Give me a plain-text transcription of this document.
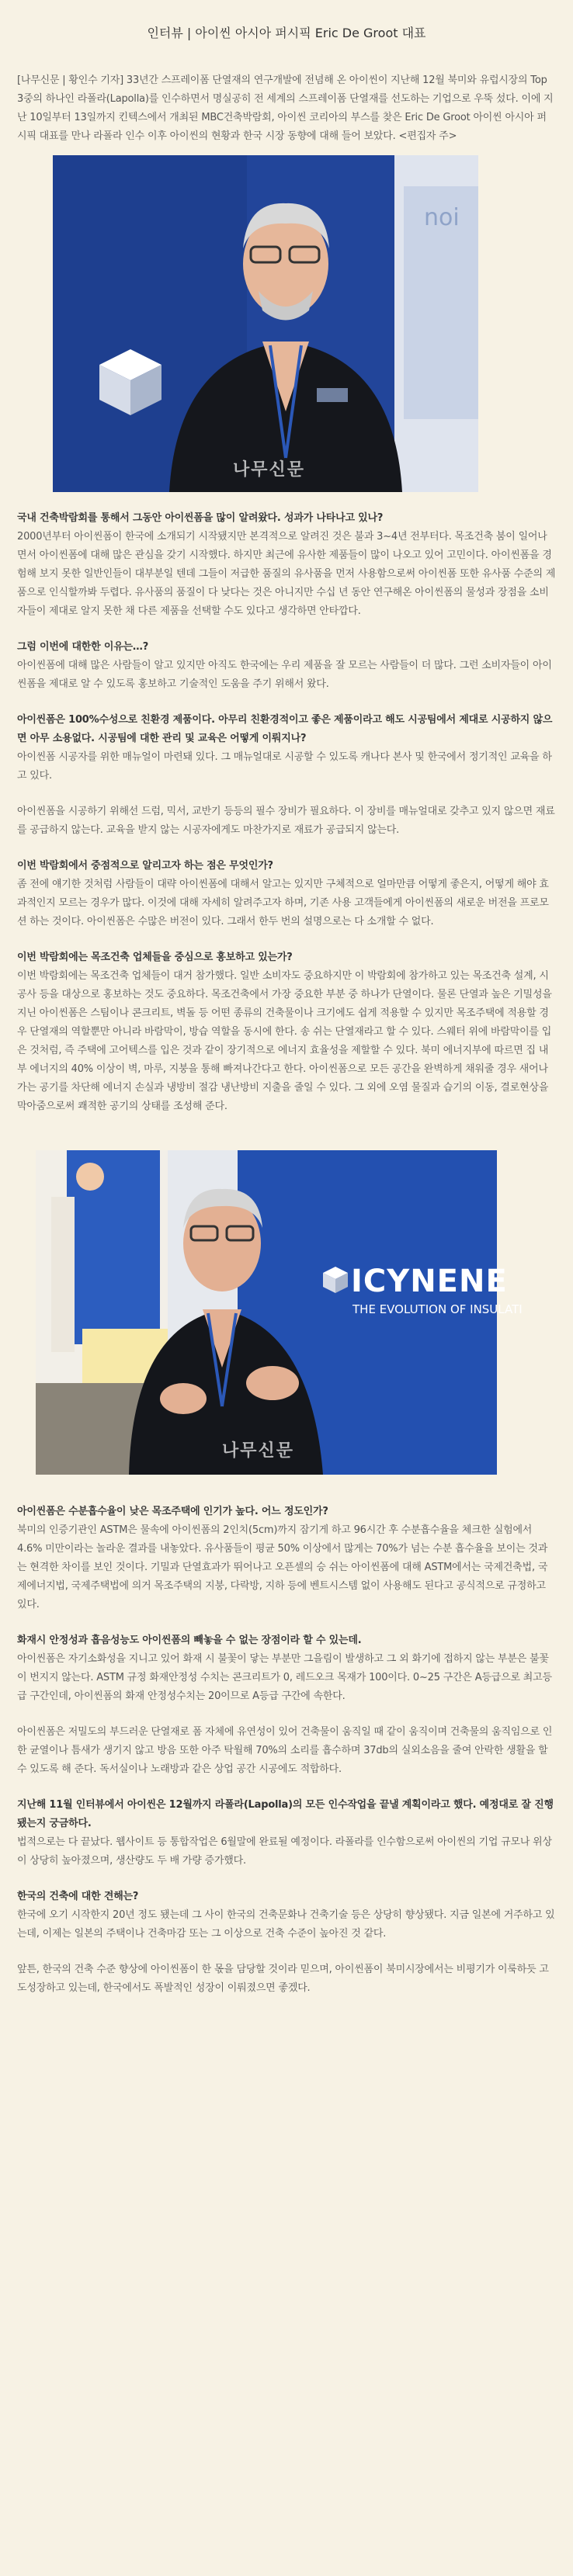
인터뷰 | 아이씬 아시아 퍼시픽 Eric De Groot 대표

[나무신문 | 황인수 기자] 33년간 스프레이폼 단열재의 연구개발에 전념해 온 아이씬이 지난해 12월 북미와 유럽시장의 Top 3중의 하나인 라폴라(Lapolla)를 인수하면서 명실공히 전 세계의 스프레이폼 단열재를 선도하는 기업으로 우뚝 섰다. 이에 지난 10일부터 13일까지 킨텍스에서 개최된 MBC건축박람회, 아이씬 코리아의 부스를 찾은 Eric De Groot 아이씬 아시아 퍼시픽 대표를 만나 라폴라 인수 이후 아이씬의 현황과 한국 시장 동향에 대해 들어 보았다. <편집자 주>

noi
나무신문

국내 건축박람회를 통해서 그동안 아이씬폼을 많이 알려왔다. 성과가 나타나고 있나?

2000년부터 아이씬폼이 한국에 소개되기 시작됐지만 본격적으로 알려진 것은 불과 3~4년 전부터다. 목조건축 붐이 일어나면서 아이씬폼에 대해 많은 관심을 갖기 시작했다. 하지만 최근에 유사한 제품들이 많이 나오고 있어 고민이다. 아이씬폼을 경험해 보지 못한 일반인들이 대부분일 텐데 그들이 저급한 품질의 유사품을 먼저 사용함으로써 아이씬폼 또한 유사품 수준의 제품으로 인식할까봐 두렵다. 유사품의 품질이 다 낮다는 것은 아니지만 수십 년 동안 연구해온 아이씬폼의 물성과 장점을 소비자들이 제대로 알지 못한 채 다른 제품을 선택할 수도 있다고 생각하면 안타깝다.

그럼 이번에 대한한 이유는…?

아이씬폼에 대해 많은 사람들이 알고 있지만 아직도 한국에는 우리 제품을 잘 모르는 사람들이 더 많다. 그런 소비자들이 아이씬폼을 제대로 알 수 있도록 홍보하고 기술적인 도움을 주기 위해서 왔다.

아이씬폼은 100%수성으로 친환경 제품이다. 아무리 친환경적이고 좋은 제품이라고 해도 시공팀에서 제대로 시공하지 않으면 아무 소용없다. 시공팀에 대한 관리 및 교육은 어떻게 이뤄지나?

아이씬폼 시공자를 위한 매뉴얼이 마련돼 있다. 그 매뉴얼대로 시공할 수 있도록 캐나다 본사 및 한국에서 정기적인 교육을 하고 있다.

아이씬폼을 시공하기 위해선 드럼, 믹서, 교반기 등등의 필수 장비가 필요하다. 이 장비를 매뉴얼대로 갖추고 있지 않으면 재료를 공급하지 않는다. 교육을 받지 않는 시공자에게도 마찬가지로 재료가 공급되지 않는다.

이번 박람회에서 중점적으로 알리고자 하는 점은 무엇인가?

좀 전에 얘기한 것처럼 사람들이 대략 아이씬폼에 대해서 알고는 있지만 구체적으로 얼마만큼 어떻게 좋은지, 어떻게 해야 효과적인지 모르는 경우가 많다. 이것에 대해 자세히 알려주고자 하며, 기존 사용 고객들에게 아이씬폼의 새로운 버전을 프로모션 하는 것이다. 아이씬폼은 수많은 버전이 있다. 그래서 한두 번의 설명으로는 다 소개할 수 없다.

이번 박람회에는 목조건축 업체들을 중심으로 홍보하고 있는가?

이번 박람회에는 목조건축 업체들이 대거 참가했다. 일반 소비자도 중요하지만 이 박람회에 참가하고 있는 목조건축 설계, 시공사 등을 대상으로 홍보하는 것도 중요하다. 목조건축에서 가장 중요한 부분 중 하나가 단열이다. 물론 단열과 높은 기밀성을 지닌 아이씬폼은 스팀이나 콘크리트, 벽돌 등 어떤 종류의 건축물이나 크기에도 쉽게 적용할 수 있지만 목조주택에 적용할 경우 단열재의 역할뿐만 아니라 바람막이, 방습 역할을 동시에 한다. 송 쉬는 단열재라고 할 수 있다. 스웨터 위에 바람막이를 입은 것처럼, 즉 주택에 고어텍스를 입은 것과 같이 장기적으로 에너지 효율성을 제할할 수 있다. 북미 에너지부에 따르면 집 내부 에너지의 40% 이상이 벽, 마루, 지붕을 통해 빠져나간다고 한다. 아이씬폼으로 모든 공간을 완벽하게 채워줄 경우 새어나가는 공기를 차단해 에너지 손실과 냉방비 절감 냉난방비 지출을 줄일 수 있다. 그 외에 오염 물질과 습기의 이동, 결로현상을 막아줌으로써 쾌적한 공기의 상태를 조성해 준다.

ICYNENE
THE EVOLUTION OF INSULATI
나무신문

아이씬폼은 수분흡수율이 낮은 목조주택에 인기가 높다. 어느 정도인가?

북미의 인증기관인 ASTM은 물속에 아이씬폼의 2인치(5cm)까지 잠기게 하고 96시간 후 수분흡수율을 체크한 실험에서 4.6% 미만이라는 놀라운 결과를 내놓았다. 유사품들이 평균 50% 이상에서 많게는 70%가 넘는 수분 흡수율을 보이는 것과는 현격한 차이를 보인 것이다. 기밀과 단열효과가 뛰어나고 오픈셀의 승 쉬는 아이씬폼에 대해 ASTM에서는 국제건축법, 국제에너지법, 국제주택법에 의거 목조주택의 지붕, 다락방, 지하 등에 벤트시스템 없이 사용해도 된다고 공식적으로 규정하고 있다.

화재시 안정성과 흡음성능도 아이씬폼의 빼놓을 수 없는 장점이라 할 수 있는데.

아이씬폼은 자기소화성을 지니고 있어 화재 시 불꽃이 닿는 부분만 그을림이 발생하고 그 외 화기에 접하지 않는 부분은 불꽃이 번지지 않는다. ASTM 규정 화재안정성 수치는 콘크리트가 0, 레드오크 목재가 100이다. 0~25 구간은 A등급으로 최고등급 구간인데, 아이씬폼의 화재 안정성수치는 20이므로 A등급 구간에 속한다.

아이씬폼은 저밀도의 부드러운 단열재로 폼 자체에 유연성이 있어 건축물이 움직일 때 같이 움직이며 건축물의 움직임으로 인한 균열이나 틈새가 생기지 않고 방음 또한 아주 탁월해 70%의 소리를 흡수하며 37db의 실외소음을 줄여 안락한 생활을 할 수 있도록 해 준다. 독서실이나 노래방과 같은 상업 공간 시공에도 적합하다.

지난해 11월 인터뷰에서 아이씬은 12월까지 라폴라(Lapolla)의 모든 인수작업을 끝낼 계획이라고 했다. 예정대로 잘 진행 됐는지 궁금하다.

법적으로는 다 끝났다. 웹사이트 등 통합작업은 6월말에 완료될 예정이다. 라폴라를 인수함으로써 아이씬의 기업 규모나 위상이 상당히 높아졌으며, 생산량도 두 배 가량 증가했다.

한국의 건축에 대한 견해는?

한국에 오기 시작한지 20년 정도 됐는데 그 사이 한국의 건축문화나 건축기술 등은 상당히 향상됐다. 지금 일본에 거주하고 있는데, 이제는 일본의 주택이나 건축마감 또는 그 이상으로 건축 수준이 높아진 것 같다.

앞튼, 한국의 건축 수준 향상에 아이씬폼이 한 몫을 담당할 것이라 믿으며, 아이씬폼이 북미시장에서는 비평기가 이룩하듯 고도성장하고 있는데, 한국에서도 폭발적인 성장이 이뤄졌으면 좋겠다.
